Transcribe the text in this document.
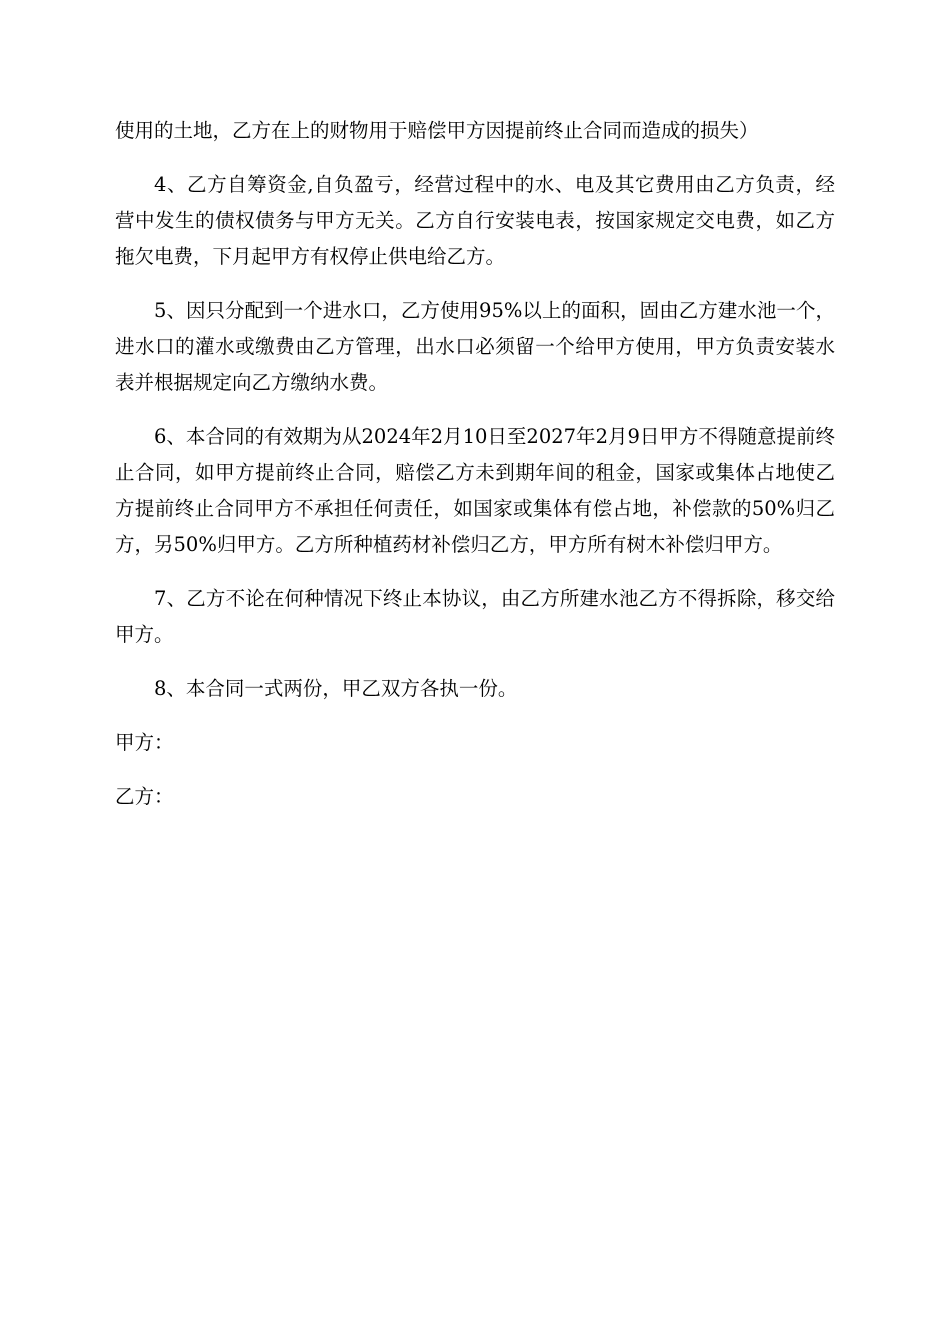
使用的土地，乙方在上的财物用于赔偿甲方因提前终止合同而造成的损失）

4、乙方自筹资金,自负盈亏，经营过程中的水、电及其它费用由乙方负责，经营中发生的债权债务与甲方无关。乙方自行安装电表，按国家规定交电费，如乙方拖欠电费，下月起甲方有权停止供电给乙方。

5、因只分配到一个进水口，乙方使用95%以上的面积，固由乙方建水池一个，进水口的灌水或缴费由乙方管理，出水口必须留一个给甲方使用，甲方负责安装水表并根据规定向乙方缴纳水费。

6、本合同的有效期为从2024年2月10日至2027年2月9日甲方不得随意提前终止合同，如甲方提前终止合同，赔偿乙方未到期年间的租金，国家或集体占地使乙方提前终止合同甲方不承担任何责任，如国家或集体有偿占地，补偿款的50%归乙方，另50%归甲方。乙方所种植药材补偿归乙方，甲方所有树木补偿归甲方。

7、乙方不论在何种情况下终止本协议，由乙方所建水池乙方不得拆除，移交给甲方。

8、本合同一式两份，甲乙双方各执一份。

甲方：

乙方：
